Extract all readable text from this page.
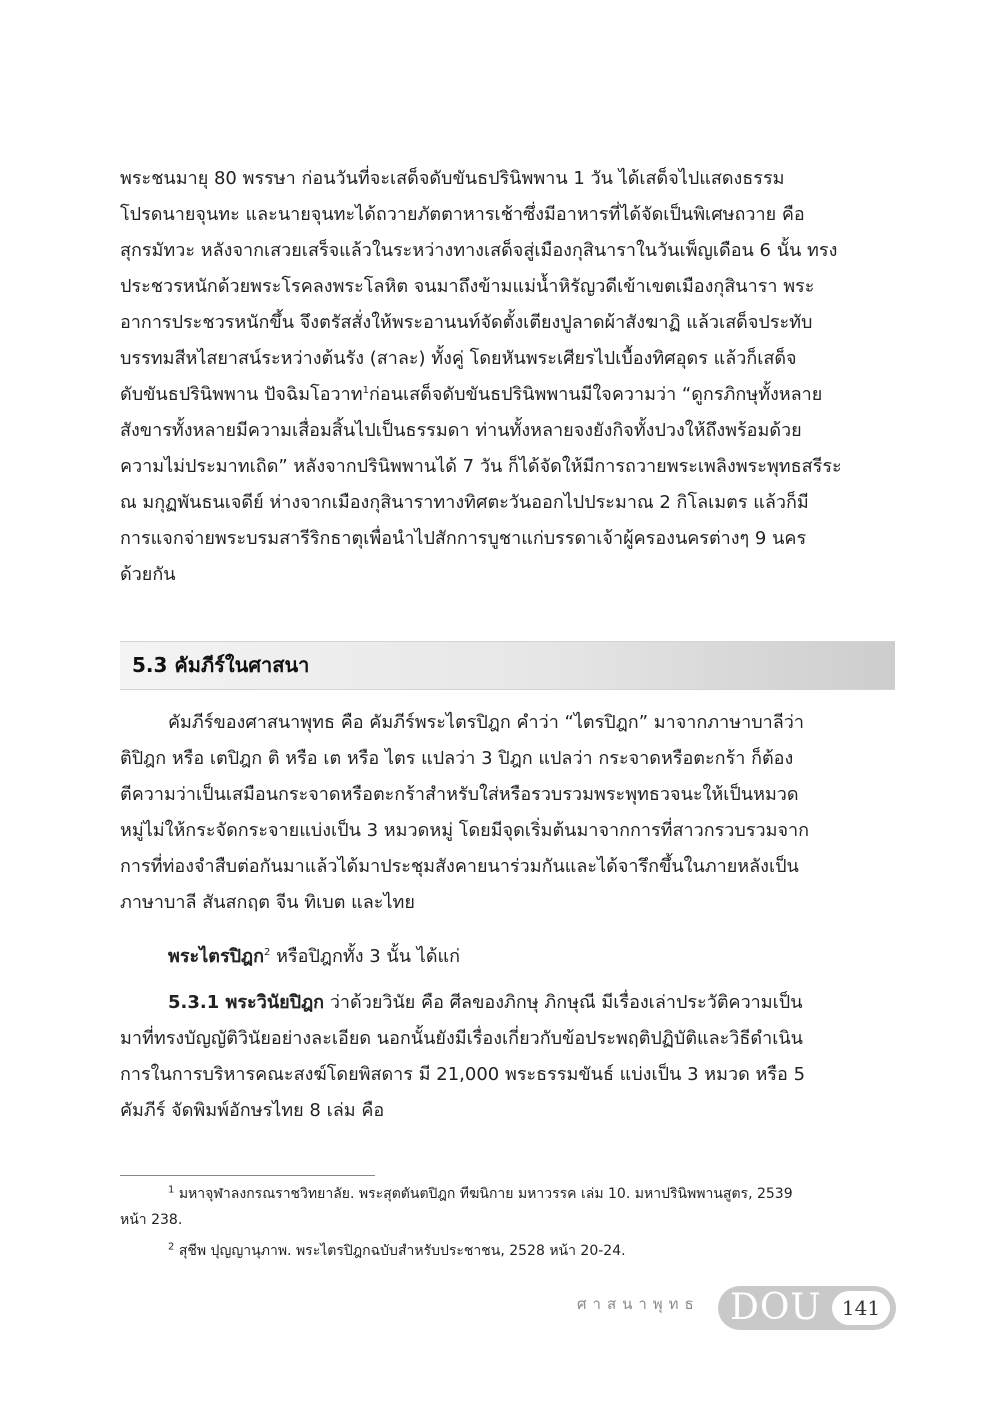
พระชนมายุ 80 พรรษา ก่อนวันที่จะเสด็จดับขันธปรินิพพาน 1 วัน ได้เสด็จไปแสดงธรรม
โปรดนายจุนทะ และนายจุนทะได้ถวายภัตตาหารเช้าซึ่งมีอาหารที่ได้จัดเป็นพิเศษถวาย คือ
สุกรมัทวะ หลังจากเสวยเสร็จแล้วในระหว่างทางเสด็จสู่เมืองกุสินาราในวันเพ็ญเดือน 6 นั้น ทรง
ประชวรหนักด้วยพระโรคลงพระโลหิต จนมาถึงข้ามแม่น้ำหิรัญวดีเข้าเขตเมืองกุสินารา พระ
อาการประชวรหนักขึ้น จึงตรัสสั่งให้พระอานนท์จัดตั้งเตียงปูลาดผ้าสังฆาฏิ แล้วเสด็จประทับ
บรรทมสีหไสยาสน์ระหว่างต้นรัง (สาละ) ทั้งคู่ โดยหันพระเศียรไปเบื้องทิศอุดร แล้วก็เสด็จ
ดับขันธปรินิพพาน ปัจฉิมโอวาท$^1$ก่อนเสด็จดับขันธปรินิพพานมีใจความว่า “ดูกรภิกษุทั้งหลาย
สังขารทั้งหลายมีความเสื่อมสิ้นไปเป็นธรรมดา ท่านทั้งหลายจงยังกิจทั้งปวงให้ถึงพร้อมด้วย
ความไม่ประมาทเถิด” หลังจากปรินิพพานได้ 7 วัน ก็ได้จัดให้มีการถวายพระเพลิงพระพุทธสรีระ
ณ มกุฏพันธนเจดีย์ ห่างจากเมืองกุสินาราทางทิศตะวันออกไปประมาณ 2 กิโลเมตร แล้วก็มี
การแจกจ่ายพระบรมสารีริกธาตุเพื่อนำไปสักการบูชาแก่บรรดาเจ้าผู้ครองนครต่างๆ 9 นคร
ด้วยกัน
5.3 คัมภีร์ในศาสนา
คัมภีร์ของศาสนาพุทธ คือ คัมภีร์พระไตรปิฎก คำว่า “ไตรปิฎก” มาจากภาษาบาลีว่า
ติปิฎก หรือ เตปิฎก ติ หรือ เต หรือ ไตร แปลว่า 3 ปิฎก แปลว่า กระจาดหรือตะกร้า ก็ต้อง
ตีความว่าเป็นเสมือนกระจาดหรือตะกร้าสำหรับใส่หรือรวบรวมพระพุทธวจนะให้เป็นหมวด
หมู่ไม่ให้กระจัดกระจายแบ่งเป็น 3 หมวดหมู่ โดยมีจุดเริ่มต้นมาจากการที่สาวกรวบรวมจาก
การที่ท่องจำสืบต่อกันมาแล้วได้มาประชุมสังคายนาร่วมกันและได้จารึกขึ้นในภายหลังเป็น
ภาษาบาลี สันสกฤต จีน ทิเบต และไทย
พระไตรปิฎก$^2$ หรือปิฎกทั้ง 3 นั้น ได้แก่
5.3.1 พระวินัยปิฎก ว่าด้วยวินัย คือ ศีลของภิกษุ ภิกษุณี มีเรื่องเล่าประวัติความเป็น
มาที่ทรงบัญญัติวินัยอย่างละเอียด นอกนั้นยังมีเรื่องเกี่ยวกับข้อประพฤติปฏิบัติและวิธีดำเนิน
การในการบริหารคณะสงฆ์โดยพิสดาร มี 21,000 พระธรรมขันธ์ แบ่งเป็น 3 หมวด หรือ 5
คัมภีร์ จัดพิมพ์อักษรไทย 8 เล่ม คือ
$^1$ มหาจุฬาลงกรณราชวิทยาลัย. พระสุตตันตปิฎก ทีฆนิกาย มหาวรรค เล่ม 10. มหาปรินิพพานสูตร, 2539
หน้า 238.
$^2$ สุชีพ ปุญญานุภาพ. พระไตรปิฎกฉบับสำหรับประชาชน, 2528 หน้า 20-24.
ศาสนาพุทธ DOU	141
